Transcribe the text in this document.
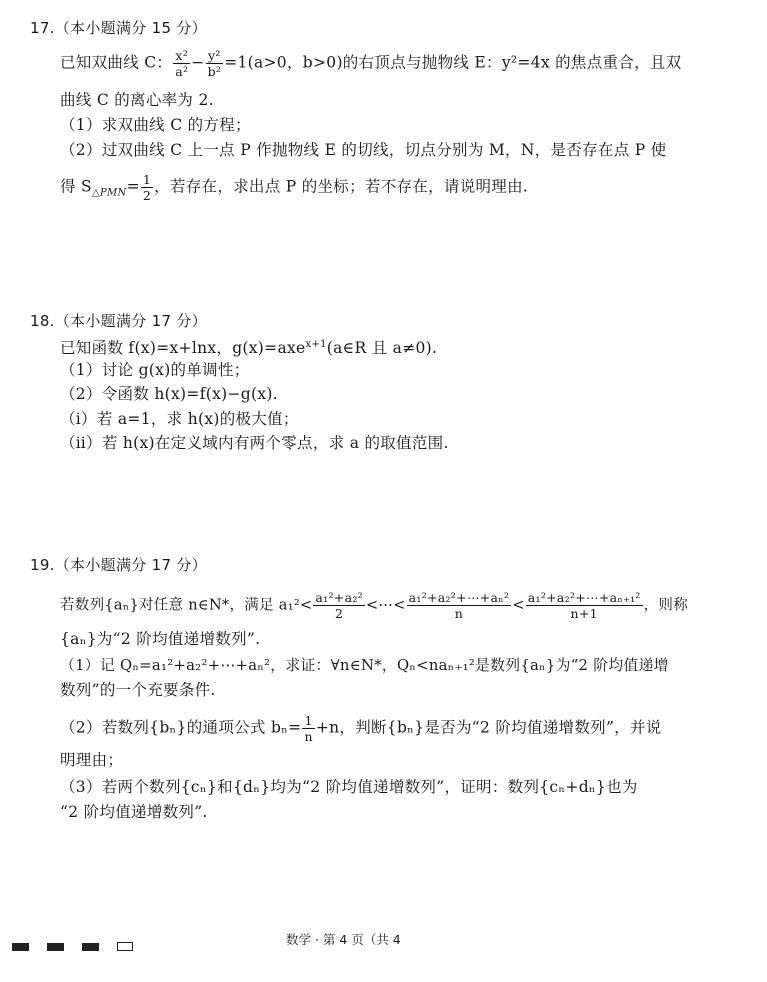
17.（本小题满分 15 分）
已知双曲线 C： $\frac{\text{x²}}{\text{a²}} - \frac{\text{y²}}{\text{b²}} =1(a>0$，b>0)的右顶点与抛物线 E：y²=4x 的焦点重合，且双
曲线 C 的离心率为 2.
（1）求双曲线 C 的方程；
（2）过双曲线 C 上一点 P 作抛物线 E 的切线，切点分别为 M，N，是否存在点 P 使
得 $S_{\triangle PMN}= \frac{1}{2}$ ，若存在，求出点 P 的坐标；若不存在，请说明理由.
18.（本小题满分 17 分）
已知函数 f(x)=x+lnx，g(x)=axe$^{x+1}$(a∈R 且 a≠0).
（1）讨论 g(x)的单调性；
（2）令函数 h(x)=f(x)−g(x).
（ⅰ）若 a=1，求 h(x)的极大值；
（ⅱ）若 h(x)在定义域内有两个零点，求 a 的取值范围.
19.（本小题满分 17 分）
若数列{aₙ}对任意 n∈N*，满足 $a_1^2< \frac{\text{a₁²+a₂²}}{2}$ <⋯< $\frac{\text{a₁²+a₂²+⋯+aₙ²}}{n} < \frac{\text{a₁²+a₂²+⋯+aₙ₊₁²}}{n+1}$ ，则称
{aₙ}为“2 阶均值递增数列”.
（1）记 Qₙ=a₁²+a₂²+⋯+aₙ²，求证：∀n∈N*，Qₙ<naₙ₊₁²是数列{aₙ}为“2 阶均值递增
数列”的一个充要条件.
（2）若数列{bₙ}的通项公式 $b_n= \frac{1}{n} +n$，判断{bₙ}是否为“2 阶均值递增数列”，并说
明理由；
（3）若两个数列{cₙ}和{dₙ}均为“2 阶均值递增数列”，证明：数列{cₙ+dₙ}也为
“2 阶均值递增数列”.
数学 · 第 4 页（共 4
